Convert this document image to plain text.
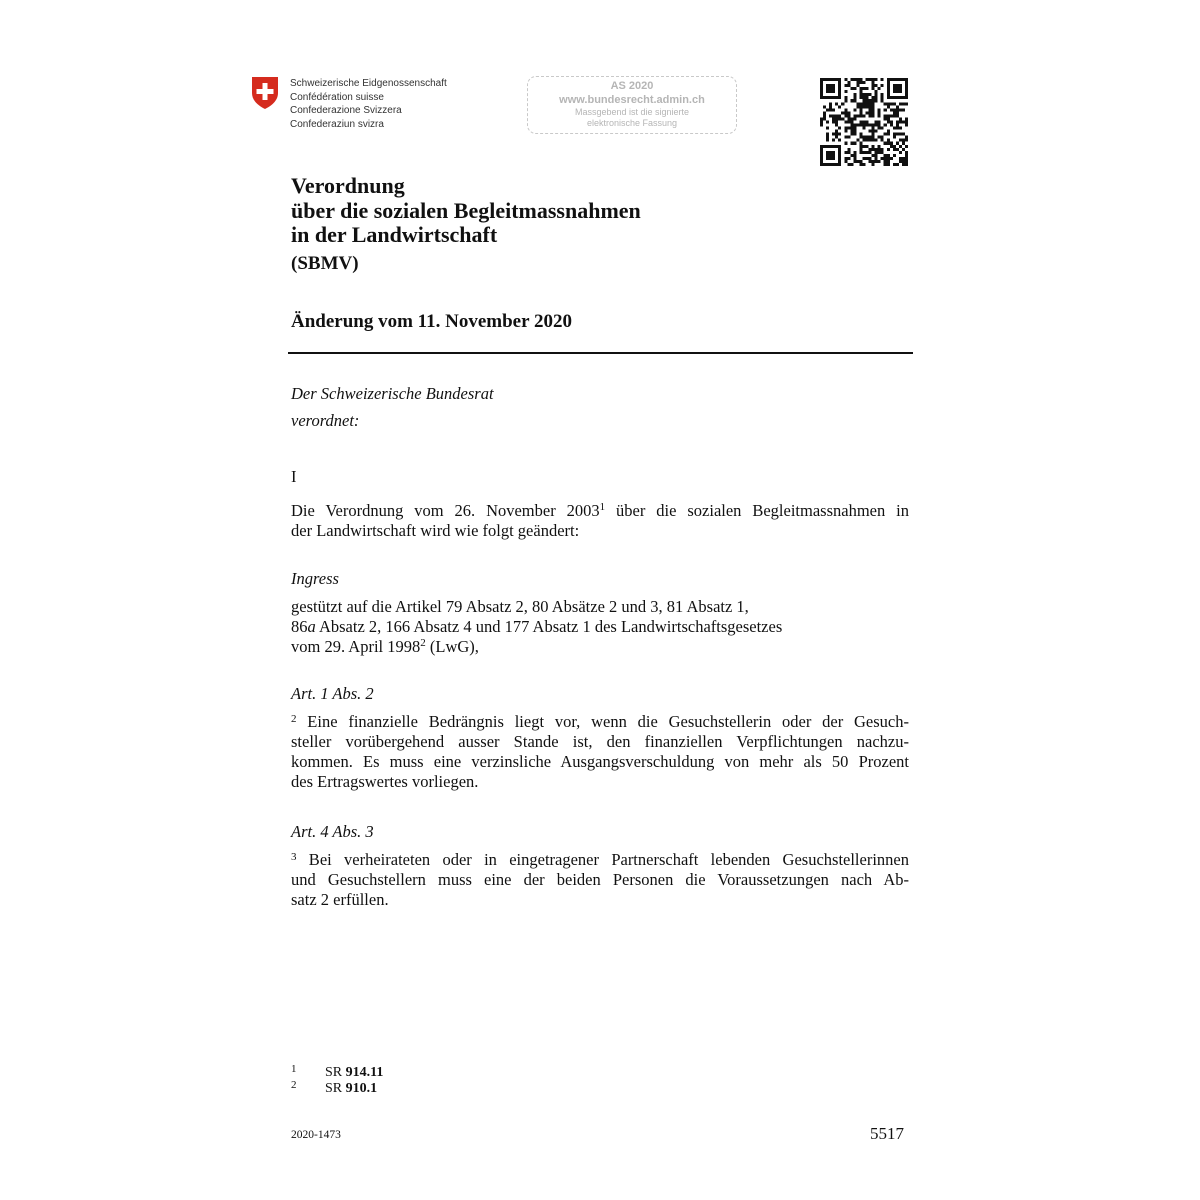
Schweizerische Eidgenossenschaft
Confédération suisse
Confederazione Svizzera
Confederaziun svizra
AS 2020
www.bundesrecht.admin.ch
Massgebend ist die signierte
elektronische Fassung
Verordnung
über die sozialen Begleitmassnahmen
in der Landwirtschaft
(SBMV)
Änderung vom 11. November 2020
Der Schweizerische Bundesrat
verordnet:
I
Die Verordnung vom 26. November 2003$^1$ über die sozialen Begleitmassnahmen in
der Landwirtschaft wird wie folgt geändert:
Ingress
gestützt auf die Artikel 79 Absatz 2, 80 Absätze 2 und 3, 81 Absatz 1,
86a Absatz 2, 166 Absatz 4 und 177 Absatz 1 des Landwirtschaftsgesetzes
vom 29. April 1998$^2$ (LwG),
Art. 1 Abs. 2
$^2$ Eine finanzielle Bedrängnis liegt vor, wenn die Gesuchstellerin oder der Gesuch-
steller vorübergehend ausser Stande ist, den finanziellen Verpflichtungen nachzu-
kommen. Es muss eine verzinsliche Ausgangsverschuldung von mehr als 50 Prozent
des Ertragswertes vorliegen.
Art. 4 Abs. 3
$^3$ Bei verheirateten oder in eingetragener Partnerschaft lebenden Gesuchstellerinnen
und Gesuchstellern muss eine der beiden Personen die Voraussetzungen nach Ab-
satz 2 erfüllen.
1 SR 914.11
2 SR 910.1
2020-1473	5517
